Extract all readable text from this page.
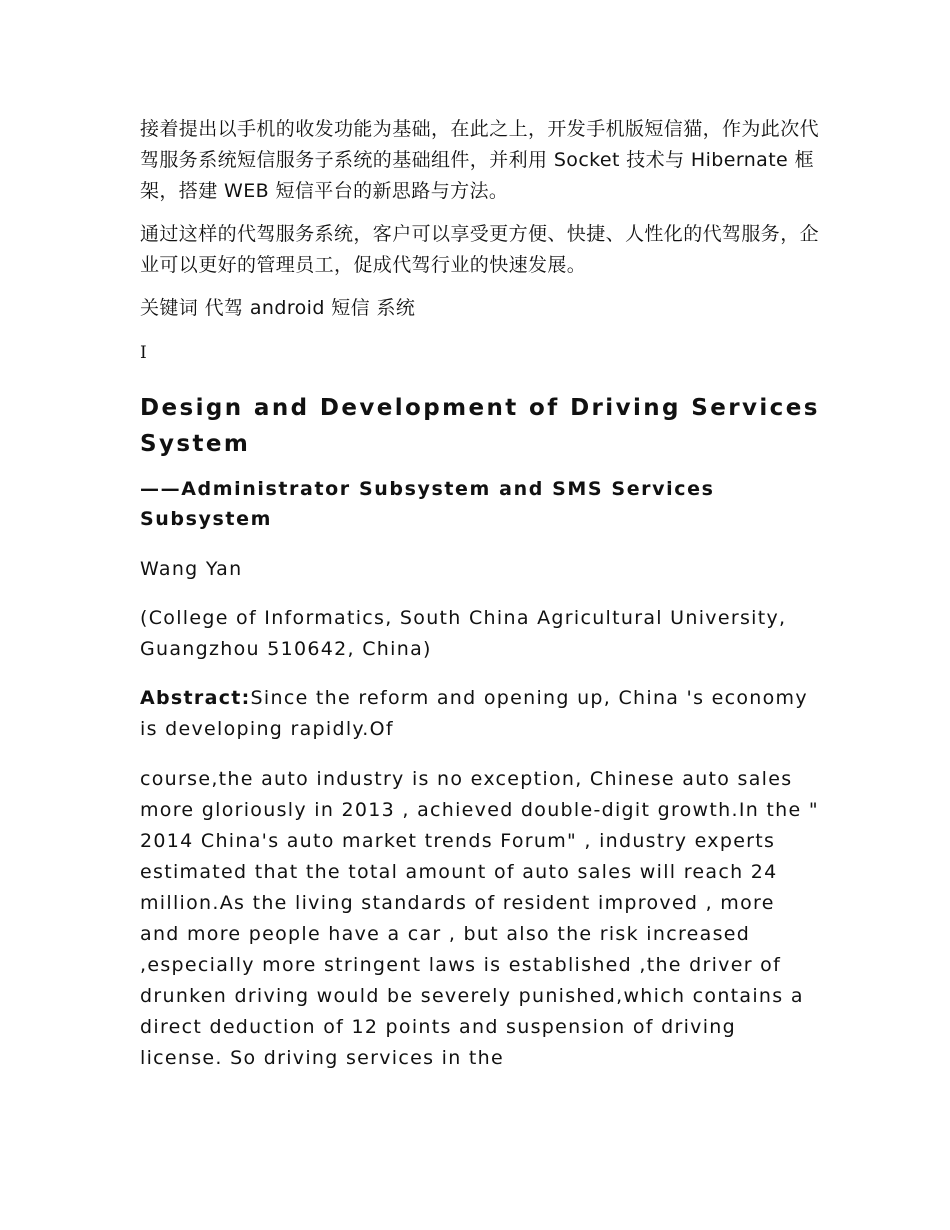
接着提出以手机的收发功能为基础，在此之上，开发手机版短信猫，作为此次代驾服务系统短信服务子系统的基础组件，并利用 Socket 技术与 Hibernate 框架，搭建 WEB 短信平台的新思路与方法。

通过这样的代驾服务系统，客户可以享受更方便、快捷、人性化的代驾服务，企业可以更好的管理员工，促成代驾行业的快速发展。

关键词 代驾 android 短信 系统

I

Design and Development of Driving Services System
——Administrator Subsystem and SMS Services Subsystem

Wang Yan

(College of Informatics, South China Agricultural University, Guangzhou 510642, China)

Abstract:Since the reform and opening up, China 's economy is developing rapidly.Of

course,the auto industry is no exception, Chinese auto sales more gloriously in 2013 , achieved double-digit growth.In the " 2014 China's auto market trends Forum" , industry experts estimated that the total amount of auto sales will reach 24 million.As the living standards of resident improved , more and more people have a car , but also the risk increased ,especially more stringent laws is established ,the driver of drunken driving would be severely punished,which contains a direct deduction of 12 points and suspension of driving license. So driving services in the
